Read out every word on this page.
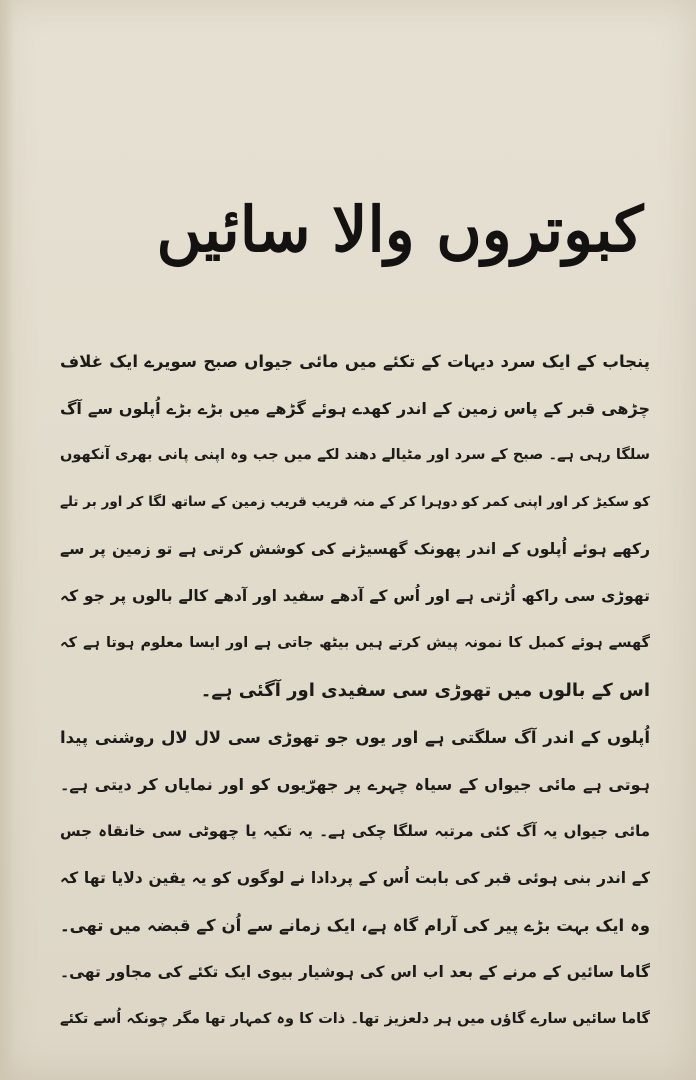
کبوتروں والا سائیں
پنجاب کے ایک سرد دیہات کے تکئے میں مائی جیواں صبح سویرے ایک غلاف
چڑھی قبر کے پاس زمین کے اندر کھدے ہوئے گڑھے میں بڑے بڑے اُپلوں سے آگ
سلگا رہی ہے۔ صبح کے سرد اور مٹیالے دھند لکے میں جب وہ اپنی پانی بھری آنکھوں
کو سکیڑ کر اور اپنی کمر کو دوہرا کر کے منہ قریب قریب زمین کے ساتھ لگا کر اور بر تلے
رکھے ہوئے اُپلوں کے اندر پھونک گھسیڑنے کی کوشش کرتی ہے تو زمین پر سے
تھوڑی سی راکھ اُڑتی ہے اور اُس کے آدھے سفید اور آدھے کالے بالوں پر جو کہ
گھسے ہوئے کمبل کا نمونہ پیش کرتے ہیں بیٹھ جاتی ہے اور ایسا معلوم ہوتا ہے کہ
اس کے بالوں میں تھوڑی سی سفیدی اور آگئی ہے۔
اُپلوں کے اندر آگ سلگتی ہے اور یوں جو تھوڑی سی لال لال روشنی پیدا
ہوتی ہے مائی جیواں کے سیاہ چہرے پر جھرّیوں کو اور نمایاں کر دیتی ہے۔
مائی جیواں یہ آگ کئی مرتبہ سلگا چکی ہے۔ یہ تکیہ یا چھوٹی سی خانقاہ جس
کے اندر بنی ہوئی قبر کی بابت اُس کے پردادا نے لوگوں کو یہ یقین دلایا تھا کہ
وہ ایک بہت بڑے پیر کی آرام گاہ ہے، ایک زمانے سے اُن کے قبضہ میں تھی۔
گاما سائیں کے مرنے کے بعد اب اس کی ہوشیار بیوی ایک تکئے کی مجاور تھی۔
گاما سائیں سارے گاؤں میں ہر دلعزیز تھا۔ ذات کا وہ کمہار تھا مگر چونکہ اُسے تکئے
